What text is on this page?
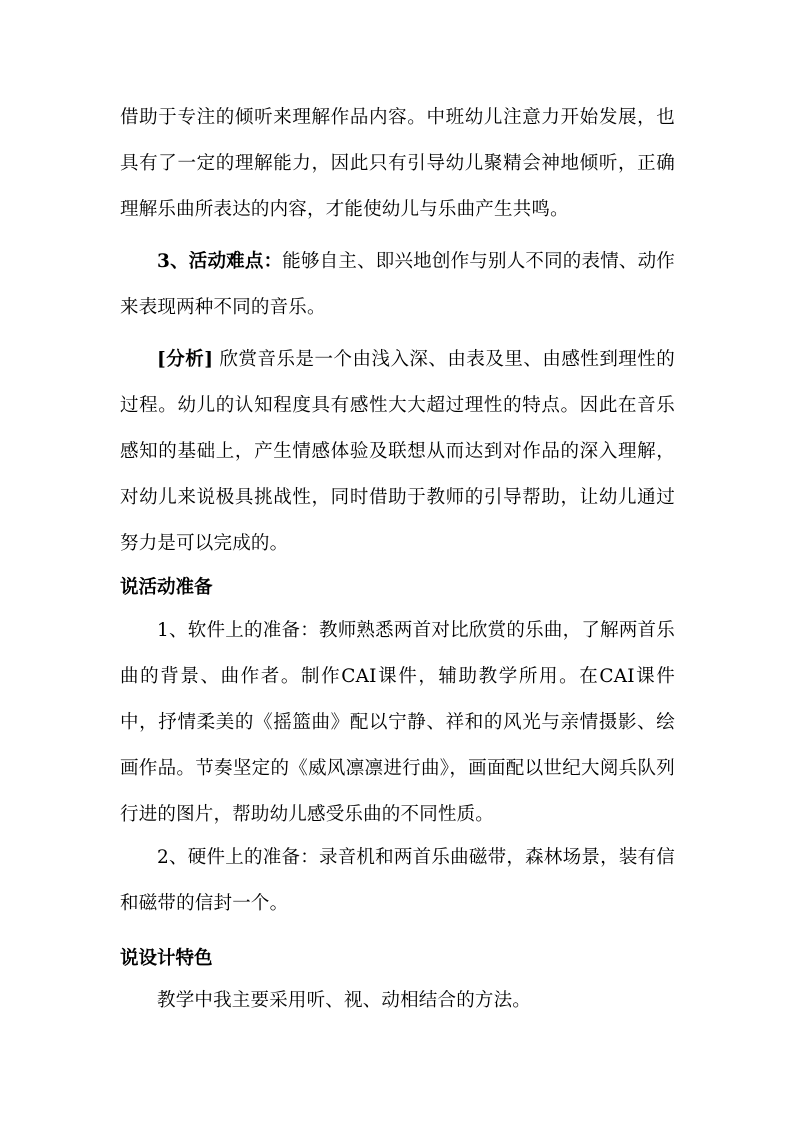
借助于专注的倾听来理解作品内容。中班幼儿注意力开始发展，也具有了一定的理解能力，因此只有引导幼儿聚精会神地倾听，正确理解乐曲所表达的内容，才能使幼儿与乐曲产生共鸣。

3、活动难点：能够自主、即兴地创作与别人不同的表情、动作来表现两种不同的音乐。

[分析] 欣赏音乐是一个由浅入深、由表及里、由感性到理性的过程。幼儿的认知程度具有感性大大超过理性的特点。因此在音乐感知的基础上，产生情感体验及联想从而达到对作品的深入理解，对幼儿来说极具挑战性，同时借助于教师的引导帮助，让幼儿通过努力是可以完成的。

说活动准备

1、软件上的准备：教师熟悉两首对比欣赏的乐曲，了解两首乐曲的背景、曲作者。制作CAI课件，辅助教学所用。在CAI课件中，抒情柔美的《摇篮曲》配以宁静、祥和的风光与亲情摄影、绘画作品。节奏坚定的《威风凛凛进行曲》，画面配以世纪大阅兵队列行进的图片，帮助幼儿感受乐曲的不同性质。

2、硬件上的准备：录音机和两首乐曲磁带，森林场景，装有信和磁带的信封一个。

说设计特色

教学中我主要采用听、视、动相结合的方法。
